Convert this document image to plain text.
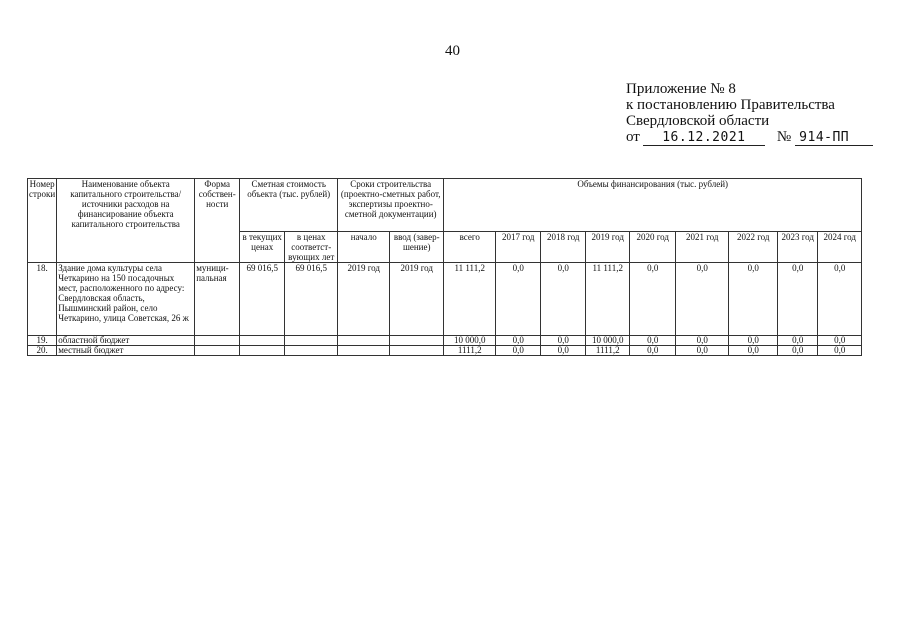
40
Приложение № 8
к постановлению Правительства
Свердловской области
от 16.12.2021 № 914-ПП
Номер строки	Наименование объекта капитального строительства/ источники расходов на финансирование объекта капитального строительства	Форма собствен-ности	Сметная стоимость объекта (тыс. рублей)		Сроки строительства (проектно-сметных работ, экспертизы проектно-сметной документации)		Объемы финансирования (тыс. рублей)								
			в текущих ценах	в ценах соответст-вующих лет	начало	ввод (завер-шение)	всего	2017 год	2018 год	2019 год	2020 год	2021 год	2022 год	2023 год	2024 год
18.	Здание дома культуры села Четкарино на 150 посадочных мест, расположенного по адресу: Свердловская область, Пышминский район, село Четкарино, улица Советская, 26 ж	муници-пальная	69 016,5	69 016,5	2019 год	2019 год	11 111,2	0,0	0,0	11 111,2	0,0	0,0	0,0	0,0	0,0
19.	областной бюджет						10 000,0	0,0	0,0	10 000,0	0,0	0,0	0,0	0,0	0,0
20.	местный бюджет						1111,2	0,0	0,0	1111,2	0,0	0,0	0,0	0,0	0,0
